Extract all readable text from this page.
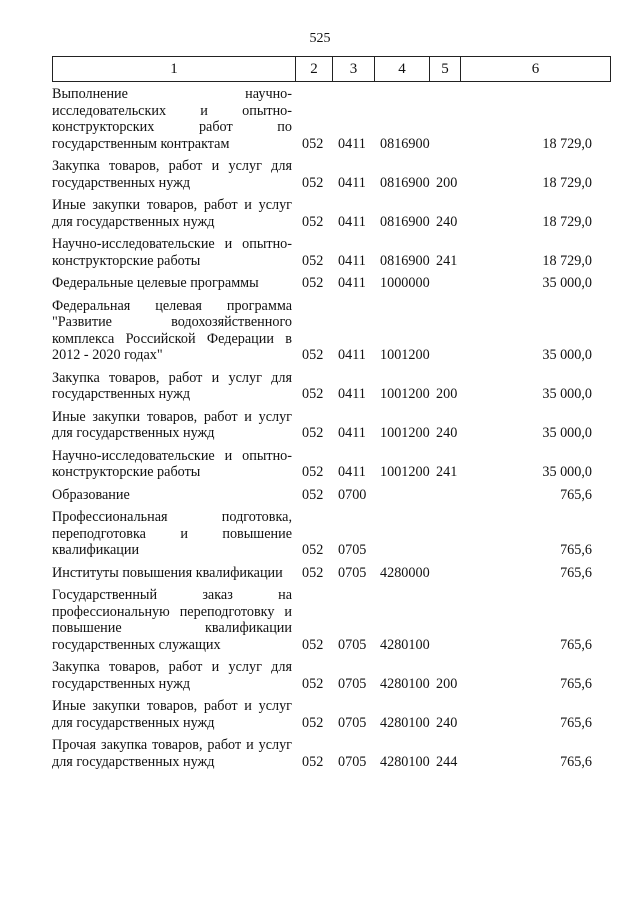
525
1	2	3	4	5	6
Выполнение научно-исследовательских и опытно-конструкторских работ по государственным контрактам	052	0411	0816900		18 729,0
Закупка товаров, работ и услуг для государственных нужд	052	0411	0816900	200	18 729,0
Иные закупки товаров, работ и услуг для государственных нужд	052	0411	0816900	240	18 729,0
Научно-исследовательские и опытно-конструкторские работы	052	0411	0816900	241	18 729,0
Федеральные целевые программы	052	0411	1000000		35 000,0
Федеральная целевая программа "Развитие водохозяйственного комплекса Российской Федерации в 2012 - 2020 годах"	052	0411	1001200		35 000,0
Закупка товаров, работ и услуг для государственных нужд	052	0411	1001200	200	35 000,0
Иные закупки товаров, работ и услуг для государственных нужд	052	0411	1001200	240	35 000,0
Научно-исследовательские и опытно-конструкторские работы	052	0411	1001200	241	35 000,0
Образование	052	0700			765,6
Профессиональная подготовка, переподготовка и повышение квалификации	052	0705			765,6
Институты повышения квалификации	052	0705	4280000		765,6
Государственный заказ на профессиональную переподготовку и повышение квалификации государственных служащих	052	0705	4280100		765,6
Закупка товаров, работ и услуг для государственных нужд	052	0705	4280100	200	765,6
Иные закупки товаров, работ и услуг для государственных нужд	052	0705	4280100	240	765,6
Прочая закупка товаров, работ и услуг для государственных нужд	052	0705	4280100	244	765,6
